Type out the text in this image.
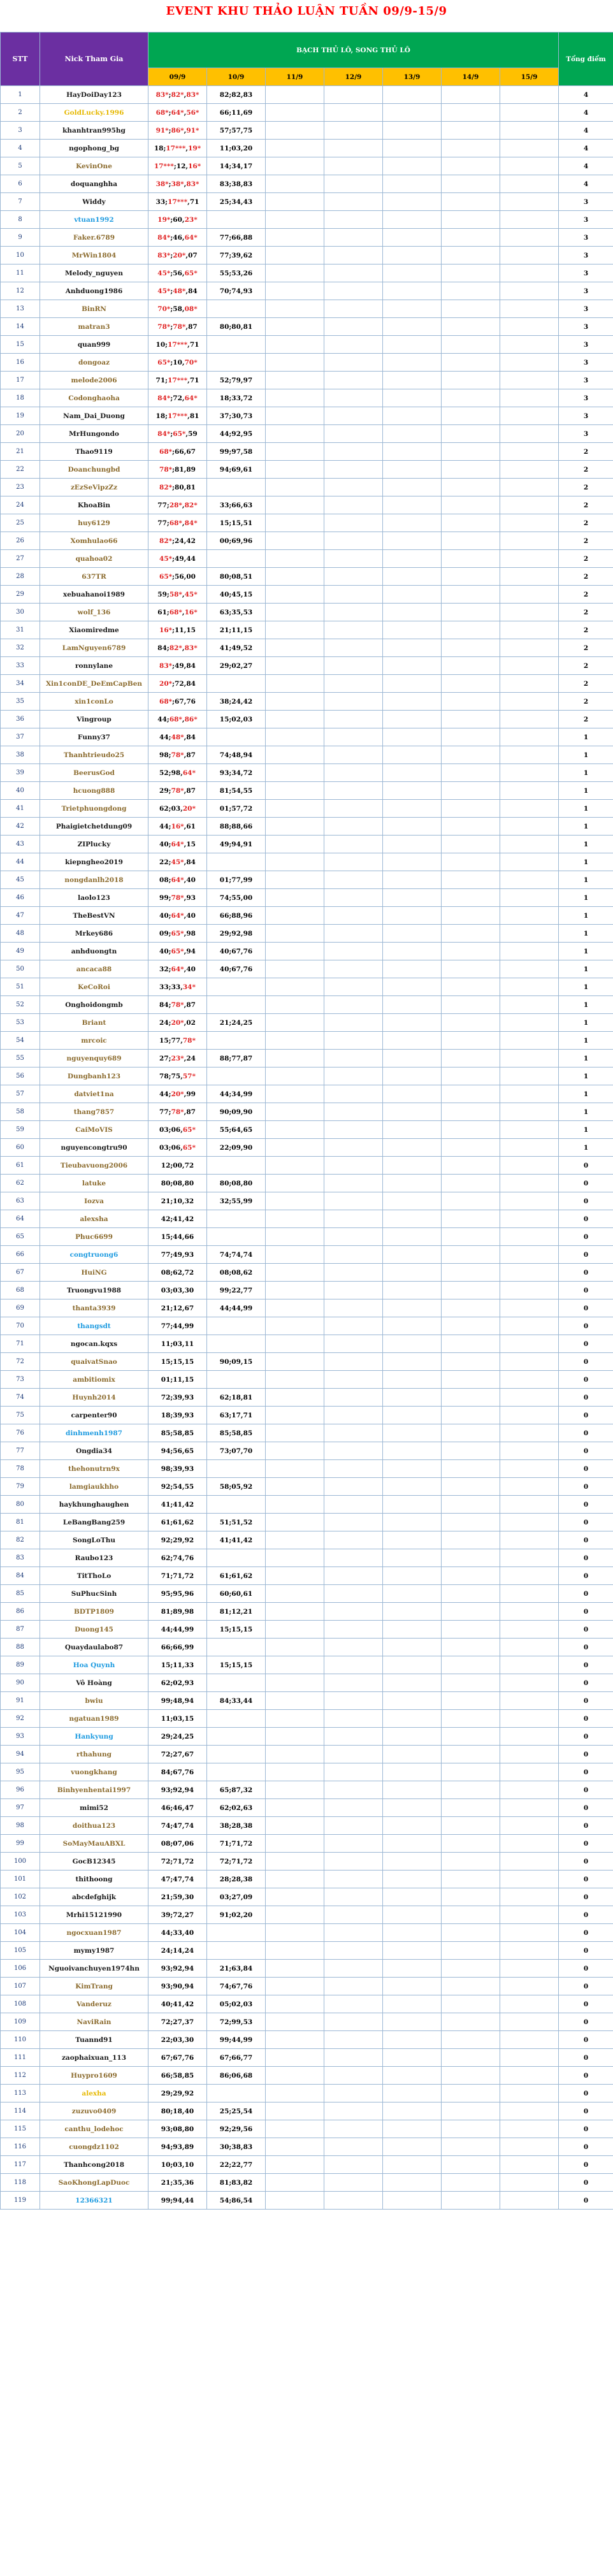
EVENT KHU THẢO LUẬN TUẦN 09/9-15/9
STT	Nick Tham Gia	BẠCH THỦ LÔ, SONG THỦ LÔ							Tổng điểm
		09/9	10/9	11/9	12/9	13/9	14/9	15/9	
1	HayDoiDay123	83*;82*,83*	82;82,83						4
2	GoldLucky.1996	68*;64*,56*	66;11,69						4
3	khanhtran995hg	91*;86*,91*	57;57,75						4
4	ngophong_bg	18;17***,19*	11;03,20						4
5	KevinOne	17***;12,16*	14;34,17						4
6	doquanghha	38*;38*,83*	83;38,83						4
7	Widdy	33;17***,71	25;34,43						3
8	vtuan1992	19*;60,23*							3
9	Faker.6789	84*;46,64*	77;66,88						3
10	MrWin1804	83*;20*,07	77;39,62						3
11	Melody_nguyen	45*;56,65*	55;53,26						3
12	Anhduong1986	45*;48*,84	70;74,93						3
13	BinRN	70*;58,08*							3
14	matran3	78*;78*,87	80;80,81						3
15	quan999	10;17***,71							3
16	dongoaz	65*;10,70*							3
17	melode2006	71;17***,71	52;79,97						3
18	Codonghaoha	84*;72,64*	18;33,72						3
19	Nam_Dai_Duong	18;17***,81	37;30,73						3
20	MrHungondo	84*;65*,59	44;92,95						3
21	Thao9119	68*;66,67	99;97,58						2
22	Doanchungbd	78*;81,89	94;69,61						2
23	zEzSeVipzZz	82*;80,81							2
24	KhoaBin	77;28*,82*	33;66,63						2
25	huy6129	77;68*,84*	15;15,51						2
26	Xomhulao66	82*;24,42	00;69,96						2
27	quahoa02	45*;49,44							2
28	637TR	65*;56,00	80;08,51						2
29	xebuahanoi1989	59;58*,45*	40;45,15						2
30	wolf_136	61;68*,16*	63;35,53						2
31	Xiaomiredme	16*;11,15	21;11,15						2
32	LamNguyen6789	84;82*,83*	41;49,52						2
33	ronnylane	83*;49,84	29;02,27						2
34	Xin1conDE_DeEmCapBen	20*;72,84							2
35	xin1conLo	68*;67,76	38;24,42						2
36	Vingroup	44;68*,86*	15;02,03						2
37	Funny37	44;48*,84							1
38	Thanhtrieudo25	98;78*,87	74;48,94						1
39	BeerusGod	52;98,64*	93;34,72						1
40	hcuong888	29;78*,87	81;54,55						1
41	Trietphuongdong	62;03,20*	01;57,72						1
42	Phaigietchetdung09	44;16*,61	88;88,66						1
43	ZIPlucky	40;64*,15	49;94,91						1
44	kiepngheo2019	22;45*,84							1
45	nongdanlh2018	08;64*,40	01;77,99						1
46	laolo123	99;78*,93	74;55,00						1
47	TheBestVN	40;64*,40	66;88,96						1
48	Mrkey686	09;65*,98	29;92,98						1
49	anhduongtn	40;65*,94	40;67,76						1
50	ancaca88	32;64*,40	40;67,76						1
51	KeCoRoi	33;33,34*							1
52	Onghoidongmb	84;78*,87							1
53	Briant	24;20*,02	21;24,25						1
54	mrcoic	15;77,78*							1
55	nguyenquy689	27;23*,24	88;77,87						1
56	Dungbanh123	78;75,57*							1
57	datviet1na	44;20*,99	44;34,99						1
58	thang7857	77;78*,87	90;09,90						1
59	CaiMoVIS	03;06,65*	55;64,65						1
60	nguyencongtru90	03;06,65*	22;09,90						1
61	Tieubavuong2006	12;00,72							0
62	latuke	80;08,80	80;08,80						0
63	Iozva	21;10,32	32;55,99						0
64	alexsha	42;41,42							0
65	Phuc6699	15;44,66							0
66	congtruong6	77;49,93	74;74,74						0
67	HuiNG	08;62,72	08;08,62						0
68	Truongvu1988	03;03,30	99;22,77						0
69	thanta3939	21;12,67	44;44,99						0
70	thangsdt	77;44,99							0
71	ngocan.kqxs	11;03,11							0
72	quaivatSnao	15;15,15	90;09,15						0
73	ambitiomix	01;11,15							0
74	Huynh2014	72;39,93	62;18,81						0
75	carpenter90	18;39,93	63;17,71						0
76	dinhmenh1987	85;58,85	85;58,85						0
77	Ongdia34	94;56,65	73;07,70						0
78	thehonutrn9x	98;39,93							0
79	lamgiaukhho	92;54,55	58;05,92						0
80	haykhunghaughen	41;41,42							0
81	LeBangBang259	61;61,62	51;51,52						0
82	SongLoThu	92;29,92	41;41,42						0
83	Raubo123	62;74,76							0
84	TitThoLo	71;71,72	61;61,62						0
85	SuPhucSinh	95;95,96	60;60,61						0
86	BDTP1809	81;89,98	81;12,21						0
87	Duong145	44;44,99	15;15,15						0
88	Quaydaulabo87	66;66,99							0
89	Hoa Quynh	15;11,33	15;15,15						0
90	Vô Hoàng	62;02,93							0
91	bwiu	99;48,94	84;33,44						0
92	ngatuan1989	11;03,15							0
93	Hankyung	29;24,25							0
94	rthahung	72;27,67							0
95	vuongkhang	84;67,76							0
96	Binhyenhentai1997	93;92,94	65;87,32						0
97	mimi52	46;46,47	62;02,63						0
98	doithua123	74;47,74	38;28,38						0
99	SoMayMauABXL	08;07,06	71;71,72						0
100	GocB12345	72;71,72	72;71,72						0
101	thithoong	47;47,74	28;28,38						0
102	abcdefghijk	21;59,30	03;27,09						0
103	Mrhi15121990	39;72,27	91;02,20						0
104	ngocxuan1987	44;33,40							0
105	mymy1987	24;14,24							0
106	Nguoivanchuyen1974hn	93;92,94	21;63,84						0
107	KimTrang	93;90,94	74;67,76						0
108	Vanderuz	40;41,42	05;02,03						0
109	NaviRain	72;27,37	72;99,53						0
110	Tuannd91	22;03,30	99;44,99						0
111	zaophaixuan_113	67;67,76	67;66,77						0
112	Huypro1609	66;58,85	86;06,68						0
113	alexha	29;29,92							0
114	zuzuvo0409	80;18,40	25;25,54						0
115	canthu_lodehoc	93;08,80	92;29,56						0
116	cuongdz1102	94;93,89	30;38,83						0
117	Thanhcong2018	10;03,10	22;22,77						0
118	SaoKhongLapDuoc	21;35,36	81;83,82						0
119	12366321	99;94,44	54;86,54						0
